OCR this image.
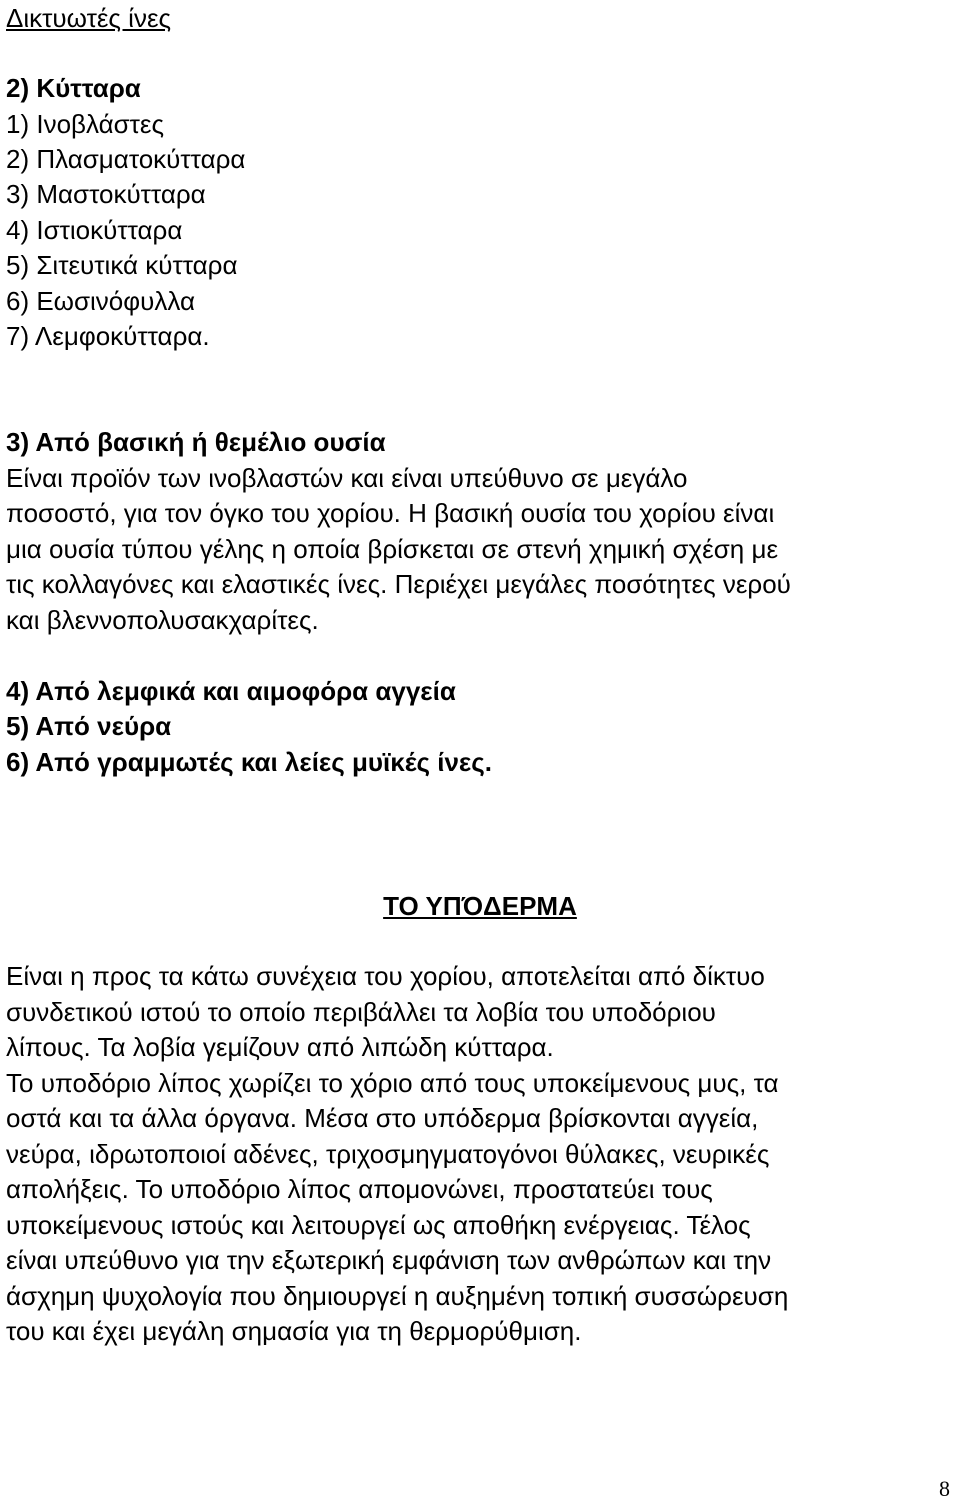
Δικτυωτές ίνες
2) Κύτταρα
1) Ινοβλάστες
2) Πλασματοκύτταρα
3) Μαστοκύτταρα
4) Ιστιοκύτταρα
5) Σιτευτικά κύτταρα
6) Εωσινόφυλλα
7) Λεμφοκύτταρα.
3) Από βασική ή θεμέλιο ουσία
Είναι προϊόν των ινοβλαστών και είναι υπεύθυνο σε μεγάλο
ποσοστό, για τον όγκο του χορίου. Η βασική ουσία του χορίου είναι
μια ουσία τύπου γέλης η οποία βρίσκεται σε στενή χημική σχέση με
τις κολλαγόνες και ελαστικές ίνες. Περιέχει μεγάλες ποσότητες νερού
και βλεννοπολυσακχαρίτες.
4) Από λεμφικά και αιμοφόρα αγγεία
5) Από νεύρα
6) Από γραμμωτές και λείες μυϊκές ίνες.
ΤΟ ΥΠΌΔΕΡΜΑ
Είναι η προς τα κάτω συνέχεια του χορίου, αποτελείται από δίκτυο
συνδετικού ιστού το οποίο περιβάλλει τα λοβία του υποδόριου
λίπους. Τα λοβία γεμίζουν από λιπώδη κύτταρα.
Το υποδόριο λίπος χωρίζει το χόριο από τους υποκείμενους μυς, τα
οστά και τα άλλα όργανα. Μέσα στο υπόδερμα βρίσκονται αγγεία,
νεύρα, ιδρωτοποιοί αδένες, τριχοσμηγματογόνοι θύλακες, νευρικές
απολήξεις. Το υποδόριο λίπος απομονώνει, προστατεύει τους
υποκείμενους ιστούς και λειτουργεί ως αποθήκη ενέργειας. Τέλος
είναι υπεύθυνο για την εξωτερική εμφάνιση των ανθρώπων και την
άσχημη ψυχολογία που δημιουργεί η αυξημένη τοπική συσσώρευση
του και έχει μεγάλη σημασία για τη θερμορύθμιση.
8
